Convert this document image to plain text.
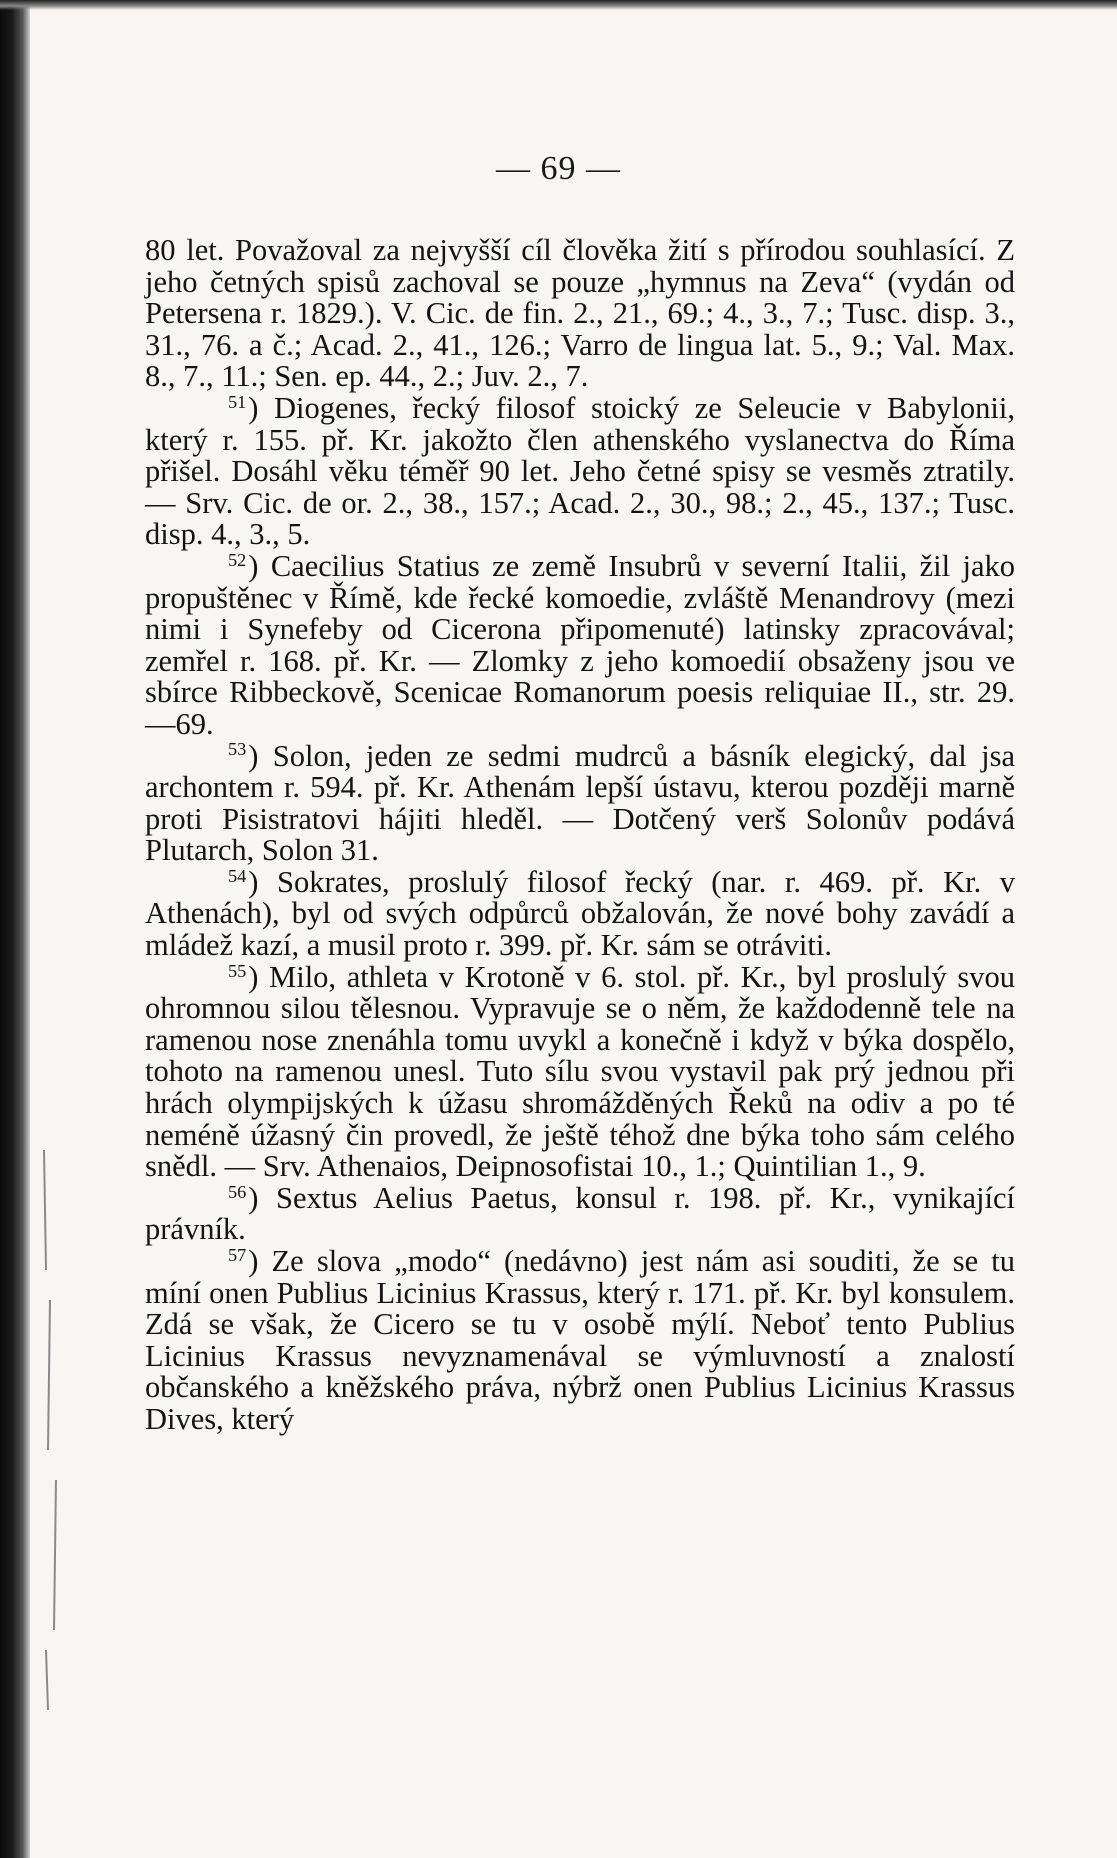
— 69 —

80 let. Považoval za nejvyšší cíl člověka žití s přírodou souhlasící. Z jeho četných spisů zachoval se pouze „hymnus na Zeva“ (vydán od Petersena r. 1829.). V. Cic. de fin. 2., 21., 69.; 4., 3., 7.; Tusc. disp. 3., 31., 76. a č.; Acad. 2., 41., 126.; Varro de lingua lat. 5., 9.; Val. Max. 8., 7., 11.; Sen. ep. 44., 2.; Juv. 2., 7.

$^{51}$) Diogenes, řecký filosof stoický ze Seleucie v Babylonii, který r. 155. př. Kr. jakožto člen athenského vyslanectva do Říma přišel. Dosáhl věku téměř 90 let. Jeho četné spisy se vesměs ztratily. — Srv. Cic. de or. 2., 38., 157.; Acad. 2., 30., 98.; 2., 45., 137.; Tusc. disp. 4., 3., 5.

$^{52}$) Caecilius Statius ze země Insubrů v severní Italii, žil jako propuštěnec v Římě, kde řecké komoedie, zvláště Menandrovy (mezi nimi i Synefeby od Cicerona připomenuté) latinsky zpracovával; zemřel r. 168. př. Kr. — Zlomky z jeho komoedií obsaženy jsou ve sbírce Ribbeckově, Scenicae Romanorum poesis reliquiae II., str. 29.—69.

$^{53}$) Solon, jeden ze sedmi mudrců a básník elegický, dal jsa archontem r. 594. př. Kr. Athenám lepší ústavu, kterou později marně proti Pisistratovi hájiti hleděl. — Dotčený verš Solonův podává Plutarch, Solon 31.

$^{54}$) Sokrates, proslulý filosof řecký (nar. r. 469. př. Kr. v Athenách), byl od svých odpůrců obžalován, že nové bohy zavádí a mládež kazí, a musil proto r. 399. př. Kr. sám se otráviti.

$^{55}$) Milo, athleta v Krotoně v 6. stol. př. Kr., byl proslulý svou ohromnou silou tělesnou. Vypravuje se o něm, že každodenně tele na ramenou nose znenáhla tomu uvykl a konečně i když v býka dospělo, tohoto na ramenou unesl. Tuto sílu svou vystavil pak prý jednou při hrách olympijských k úžasu shromážděných Řeků na odiv a po té neméně úžasný čin provedl, že ještě téhož dne býka toho sám celého snědl. — Srv. Athenaios, Deipnosofistai 10., 1.; Quintilian 1., 9.

$^{56}$) Sextus Aelius Paetus, konsul r. 198. př. Kr., vynikající právník.

$^{57}$) Ze slova „modo“ (nedávno) jest nám asi souditi, že se tu míní onen Publius Licinius Krassus, který r. 171. př. Kr. byl konsulem. Zdá se však, že Cicero se tu v osobě mýlí. Neboť tento Publius Licinius Krassus nevyznamenával se výmluvností a znalostí občanského a kněžského práva, nýbrž onen Publius Licinius Krassus Dives, který
